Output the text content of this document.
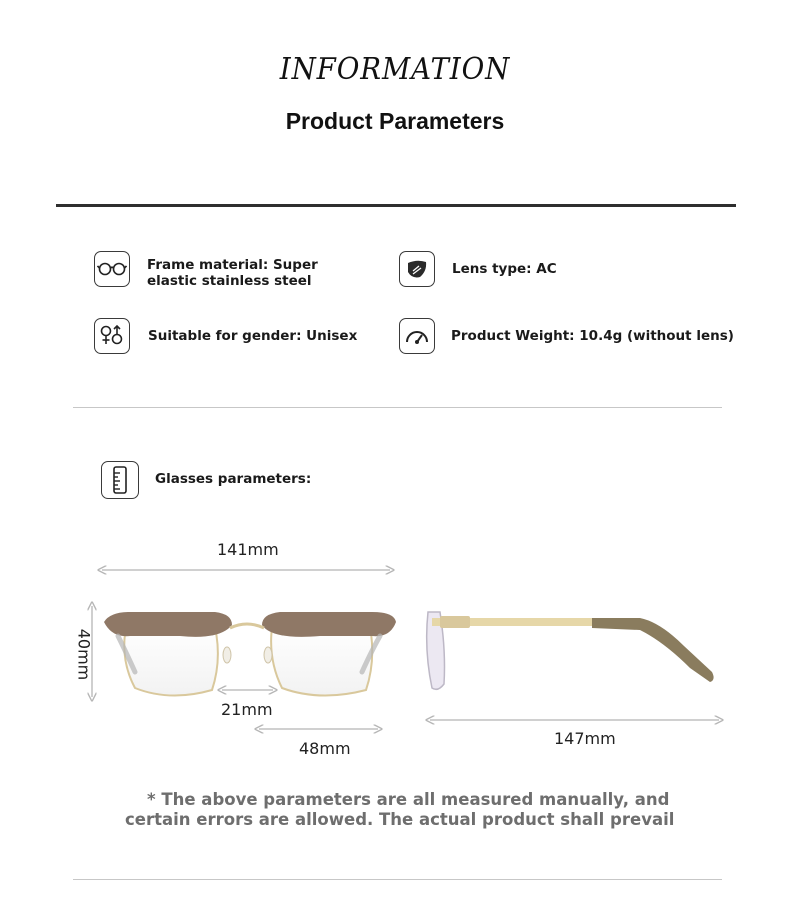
INFORMATION
Product Parameters
Frame material: Super elastic stainless steel
Lens type: AC
Suitable for gender: Unisex	Product Weight: 10.4g (without lens)
Glasses parameters:
141mm
40mm
21mm
48mm
147mm
* The above parameters are all measured manually, and
certain errors are allowed. The actual product shall prevail
